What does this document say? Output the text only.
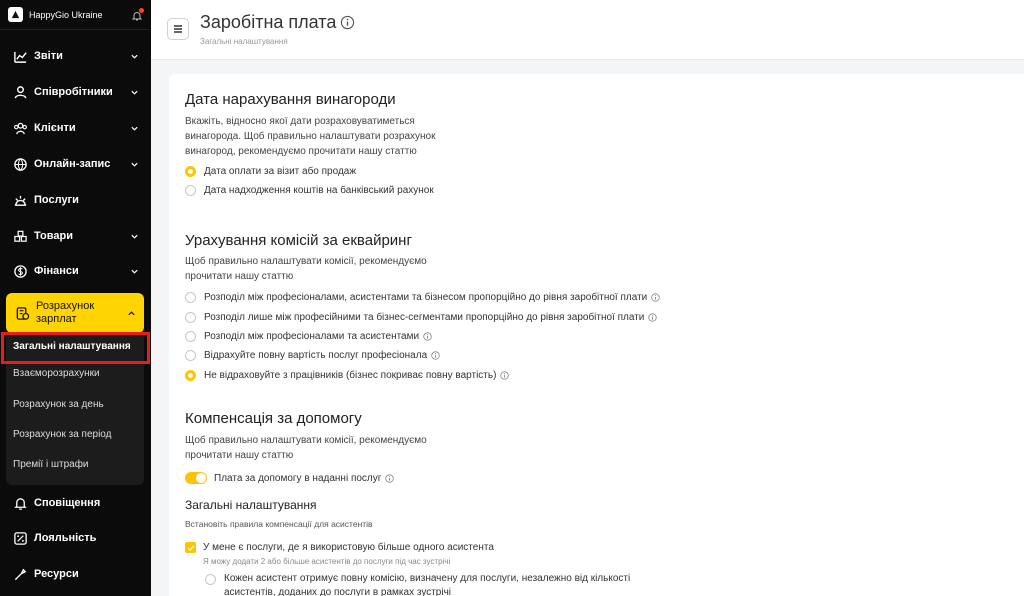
HappyGio Ukraine
Звіти
Співробітники
Клієнти
Онлайн-запис
Послуги
Товари
Фінанси
Розрахунок
зарплат
Загальні налаштування
Взаєморозрахунки
Розрахунок за день
Розрахунок за період
Премії і штрафи
Сповіщення
Лояльність
Ресурси
Заробітна плата
Загальні налаштування
Дата нарахування винагороди
Вкажіть, відносно якої дати розраховуватиметься
винагорода. Щоб правильно налаштувати розрахунок
винагород, рекомендуємо прочитати нашу статтю
Дата оплати за візит або продаж
Дата надходження коштів на банківський рахунок
Урахування комісій за еквайринг
Щоб правильно налаштувати комісії, рекомендуємо
прочитати нашу статтю
Розподіл між професіоналами, асистентами та бізнесом пропорційно до рівня заробітної плати
Розподіл лише між професійними та бізнес-сегментами пропорційно до рівня заробітної плати
Розподіл між професіоналами та асистентами
Відрахуйте повну вартість послуг професіонала
Не відраховуйте з працівників (бізнес покриває повну вартість)
Компенсація за допомогу
Щоб правильно налаштувати комісії, рекомендуємо
прочитати нашу статтю
Плата за допомогу в наданні послуг
Загальні налаштування
Встановіть правила компенсації для асистентів
У мене є послуги, де я використовую більше одного асистента
Я можу додати 2 або більше асистентів до послуги під час зустрічі
Кожен асистент отримує повну комісію, визначену для послуги, незалежно від кількості
асистентів, доданих до послуги в рамках зустрічі
